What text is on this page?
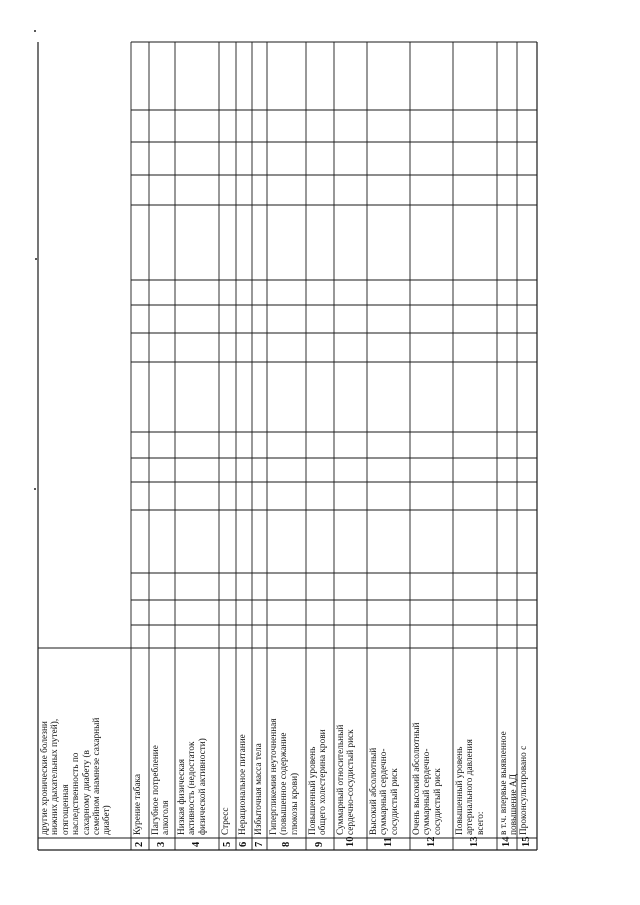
другие хронические болезни
нижних дыхательных путей),
отягощенная
наследственность по
сахарному диабету (в
семейном анамнезе сахарный
диабет) Курение табака
2
Пагубное потребление
алкоголя
3
Низкая физическая
активность (недостаток
физической активности)
4
Стресс
5
Нерациональное питание
6
Избыточная масса тела
7
Гипергликемия неуточненная
(повышенное содержание
глюкозы крови)
8
Повышенный уровень
общего холестерина крови
9
Суммарный относительный
сердечно-сосудистый риск
10
Высокий абсолютный
суммарный сердечно-
сосудистый риск
11
Очень высокий абсолютный
суммарный сердечно-
сосудистый риск
12
Повышенный уровень
артериального давления
всего:
13
в т.ч. впервые выявленное
повышение АД
14
Проконсультировано с
15
